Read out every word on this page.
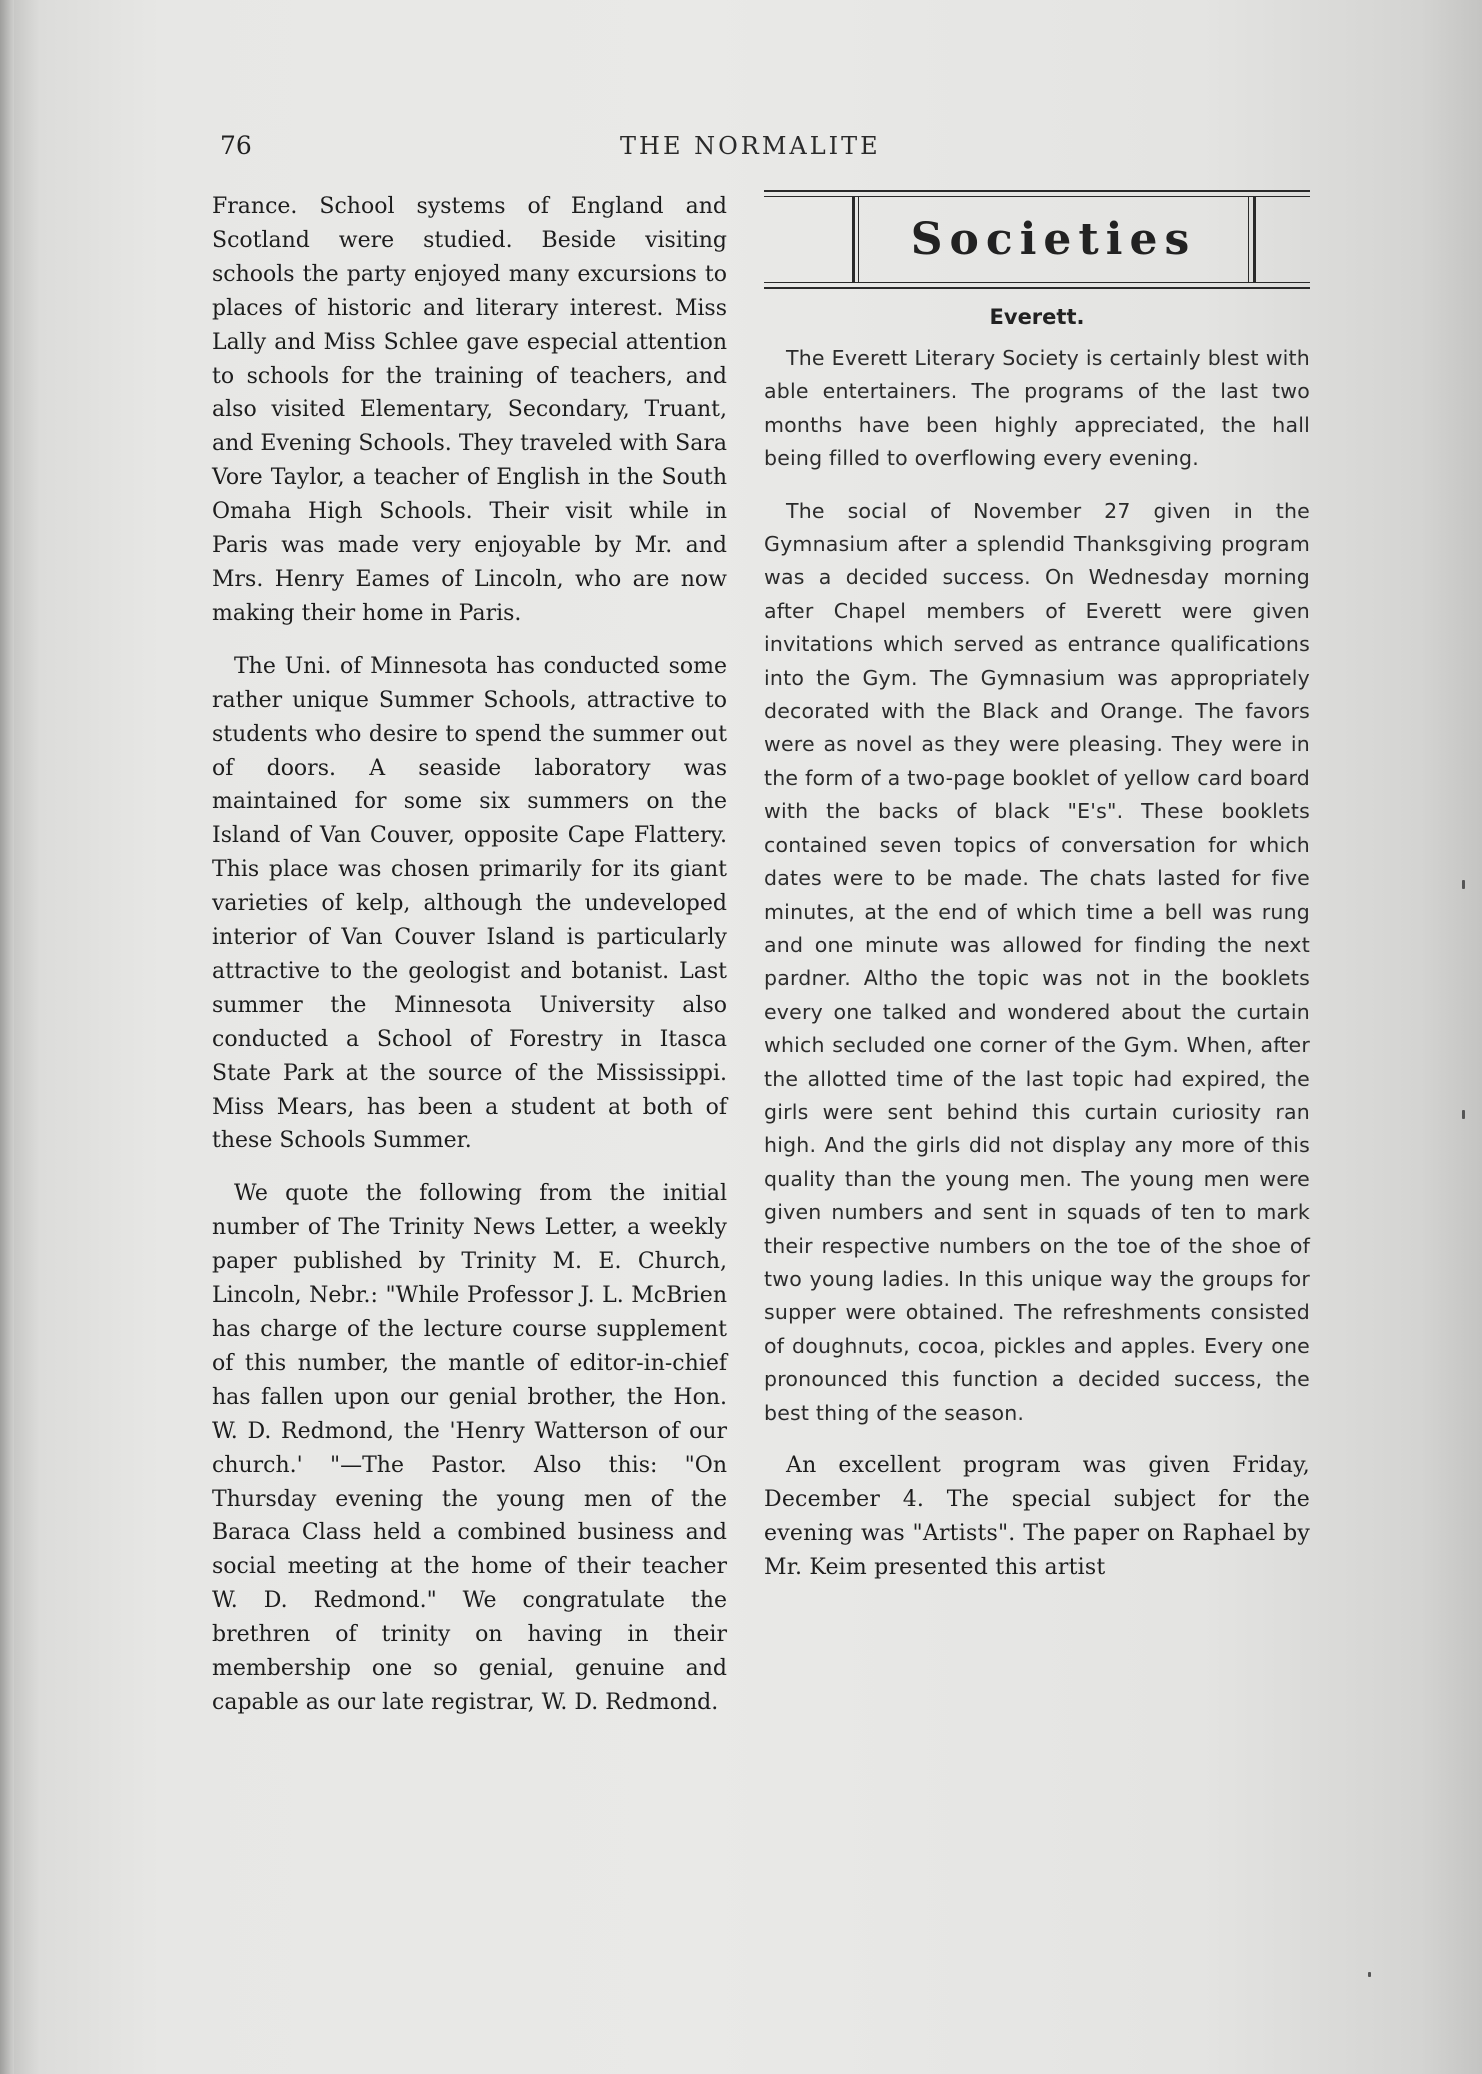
76	THE NORMALITE

France. School systems of England and Scotland were studied. Beside visiting schools the party enjoyed many excursions to places of historic and literary interest. Miss Lally and Miss Schlee gave especial attention to schools for the training of teachers, and also visited Elementary, Secondary, Truant, and Evening Schools. They traveled with Sara Vore Taylor, a teacher of English in the South Omaha High Schools. Their visit while in Paris was made very enjoyable by Mr. and Mrs. Henry Eames of Lincoln, who are now making their home in Paris.

The Uni. of Minnesota has conducted some rather unique Summer Schools, attractive to students who desire to spend the summer out of doors. A seaside laboratory was maintained for some six summers on the Island of Van Couver, opposite Cape Flattery. This place was chosen primarily for its giant varieties of kelp, although the undeveloped interior of Van Couver Island is particularly attractive to the geologist and botanist. Last summer the Minnesota University also conducted a School of Forestry in Itasca State Park at the source of the Mississippi. Miss Mears, has been a student at both of these Schools Summer.

We quote the following from the initial number of The Trinity News Letter, a weekly paper published by Trinity M. E. Church, Lincoln, Nebr.: "While Professor J. L. McBrien has charge of the lecture course supplement of this number, the mantle of editor-in-chief has fallen upon our genial brother, the Hon. W. D. Redmond, the 'Henry Watterson of our church.' "—The Pastor. Also this: "On Thursday evening the young men of the Baraca Class held a combined business and social meeting at the home of their teacher W. D. Redmond." We congratulate the brethren of trinity on having in their membership one so genial, genuine and capable as our late registrar, W. D. Redmond.

Societies
Everett.

The Everett Literary Society is certainly blest with able entertainers. The programs of the last two months have been highly appreciated, the hall being filled to overflowing every evening.

The social of November 27 given in the Gymnasium after a splendid Thanksgiving program was a decided success. On Wednesday morning after Chapel members of Everett were given invitations which served as entrance qualifications into the Gym. The Gymnasium was appropriately decorated with the Black and Orange. The favors were as novel as they were pleasing. They were in the form of a two-page booklet of yellow card board with the backs of black "E's". These booklets contained seven topics of conversation for which dates were to be made. The chats lasted for five minutes, at the end of which time a bell was rung and one minute was allowed for finding the next pardner. Altho the topic was not in the booklets every one talked and wondered about the curtain which secluded one corner of the Gym. When, after the allotted time of the last topic had expired, the girls were sent behind this curtain curiosity ran high. And the girls did not display any more of this quality than the young men. The young men were given numbers and sent in squads of ten to mark their respective numbers on the toe of the shoe of two young ladies. In this unique way the groups for supper were obtained. The refreshments consisted of doughnuts, cocoa, pickles and apples. Every one pronounced this function a decided success, the best thing of the season.

An excellent program was given Friday, December 4. The special subject for the evening was "Artists". The paper on Raphael by Mr. Keim presented this artist
